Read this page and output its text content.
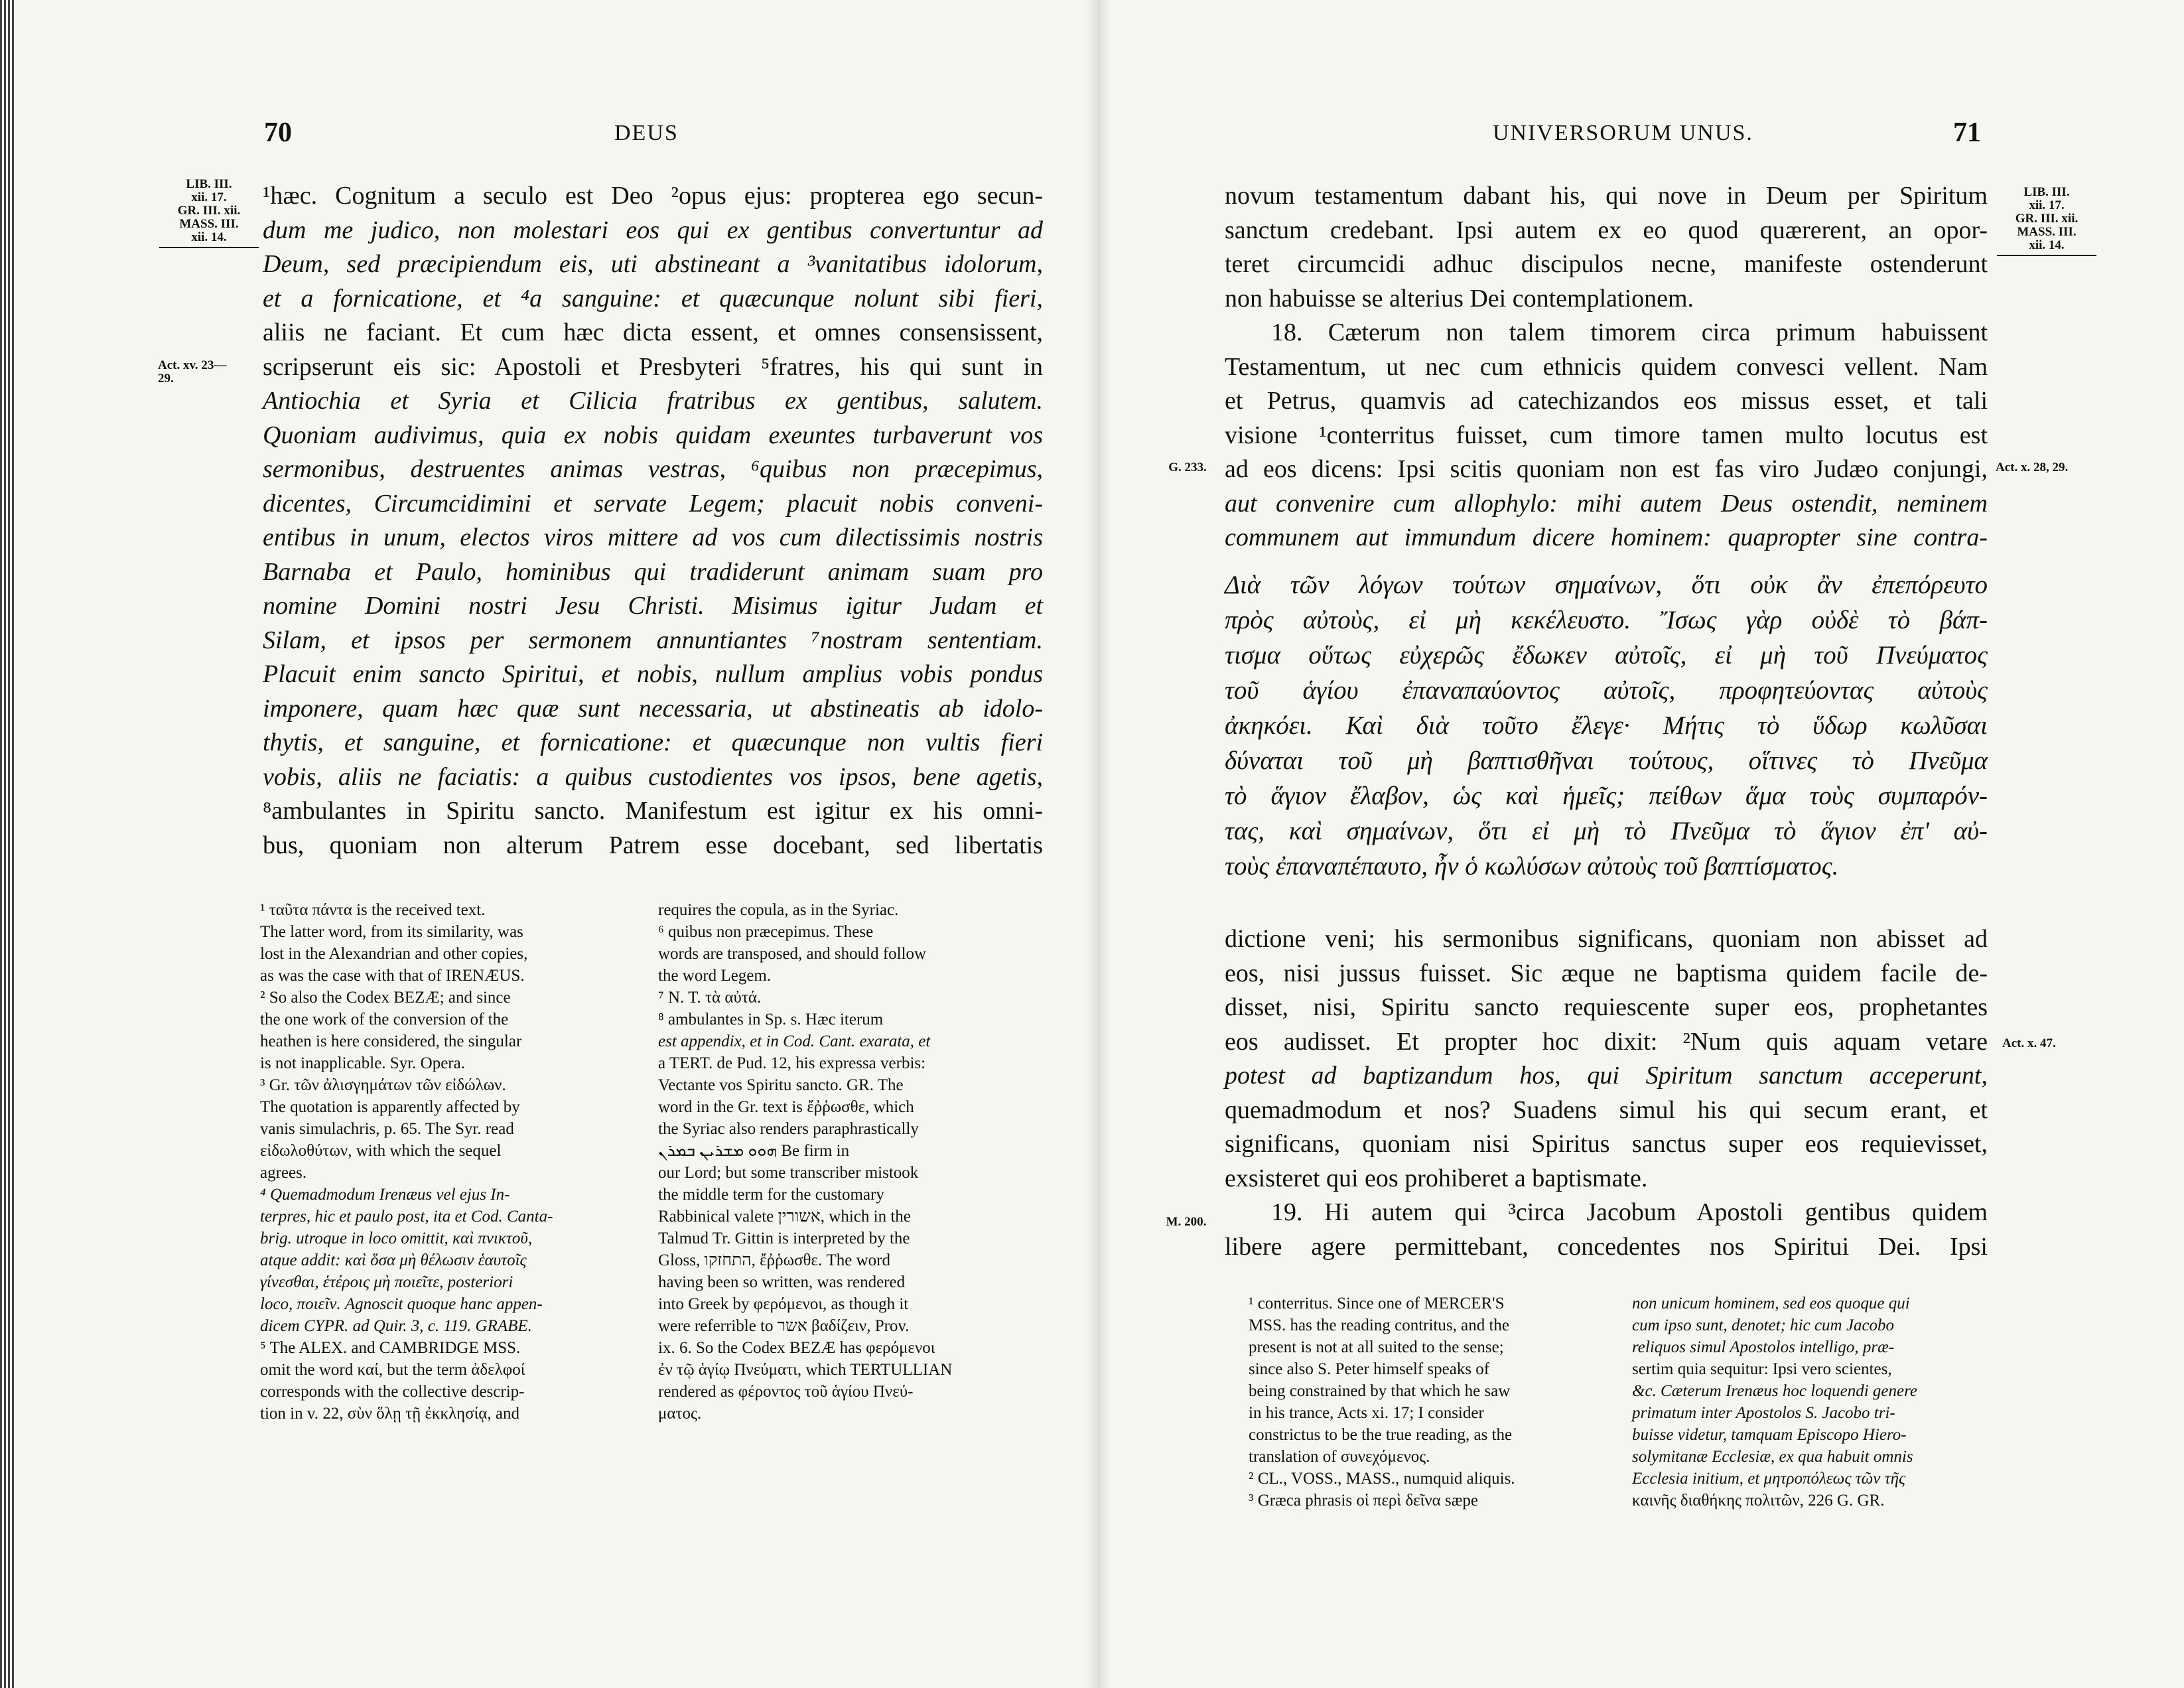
70	DEUS
LIB. III.
xii. 17.
GR. III. xii.
MASS. III.
xii. 14.
Act. xv. 23—
29.
¹hæc. Cognitum a seculo est Deo ²opus ejus: propterea ego secun-
dum me judico, non molestari eos qui ex gentibus convertuntur ad
Deum, sed præcipiendum eis, uti abstineant a ³vanitatibus idolorum,
et a fornicatione, et ⁴a sanguine: et quæcunque nolunt sibi fieri,
aliis ne faciant. Et cum hæc dicta essent, et omnes consensissent,
scripserunt eis sic: Apostoli et Presbyteri ⁵fratres, his qui sunt in
Antiochia et Syria et Cilicia fratribus ex gentibus, salutem.
Quoniam audivimus, quia ex nobis quidam exeuntes turbaverunt vos
sermonibus, destruentes animas vestras, ⁶quibus non præcepimus,
dicentes, Circumcidimini et servate Legem; placuit nobis conveni-
entibus in unum, electos viros mittere ad vos cum dilectissimis nostris
Barnaba et Paulo, hominibus qui tradiderunt animam suam pro
nomine Domini nostri Jesu Christi. Misimus igitur Judam et
Silam, et ipsos per sermonem annuntiantes ⁷nostram sententiam.
Placuit enim sancto Spiritui, et nobis, nullum amplius vobis pondus
imponere, quam hæc quæ sunt necessaria, ut abstineatis ab idolo-
thytis, et sanguine, et fornicatione: et quæcunque non vultis fieri
vobis, aliis ne faciatis: a quibus custodientes vos ipsos, bene agetis,
⁸ambulantes in Spiritu sancto. Manifestum est igitur ex his omni-
bus, quoniam non alterum Patrem esse docebant, sed libertatis
¹ ταῦτα πάντα is the received text.
The latter word, from its similarity, was
lost in the Alexandrian and other copies,
as was the case with that of IRENÆUS.
² So also the Codex BEZÆ; and since
the one work of the conversion of the
heathen is here considered, the singular
is not inapplicable. Syr. Opera.
³ Gr. τῶν ἀλισγημάτων τῶν εἰδώλων.
The quotation is apparently affected by
vanis simulachris, p. 65. The Syr. read
εἰδωλοθύτων, with which the sequel
agrees.
⁴ Quemadmodum Irenæus vel ejus In-
terpres, hic et paulo post, ita et Cod. Canta-
brig. utroque in loco omittit, καὶ πνικτοῦ,
atque addit: καὶ ὅσα μὴ θέλωσιν ἑαυτοῖς
γίνεσθαι, ἑτέροις μὴ ποιεῖτε, posteriori
loco, ποιεῖν. Agnoscit quoque hanc appen-
dicem CYPR. ad Quir. 3, c. 119. GRABE.
⁵ The ALEX. and CAMBRIDGE MSS.
omit the word καί, but the term ἀδελφοί
corresponds with the collective descrip-
tion in v. 22, σὺν ὅλῃ τῇ ἐκκλησίᾳ, and
requires the copula, as in the Syriac.
⁶ quibus non præcepimus. These
words are transposed, and should follow
the word Legem.
⁷ N. T. τὰ αὐτά.
⁸ ambulantes in Sp. s. Hæc iterum
est appendix, et in Cod. Cant. exarata, et
a TERT. de Pud. 12, his expressa verbis:
Vectante vos Spiritu sancto. GR. The
word in the Gr. text is ἔῤῥωσθε, which
the Syriac also renders paraphrastically
ܗܘܘ ܡܫܪܝܢ ܒܡܪܢ Be firm in
our Lord; but some transcriber mistook
the middle term for the customary
Rabbinical valete אשורין, which in the
Talmud Tr. Gittin is interpreted by the
Gloss, התחזקו, ἔῤῥωσθε. The word
having been so written, was rendered
into Greek by φερόμενοι, as though it
were referrible to אשר βαδίζειν, Prov.
ix. 6. So the Codex BEZÆ has φερόμενοι
ἐν τῷ ἁγίῳ Πνεύματι, which TERTULLIAN
rendered as φέροντος τοῦ ἁγίου Πνεύ-
ματος.
UNIVERSORUM UNUS.	71
LIB. III.
xii. 17.
GR. III. xii.
MASS. III.
xii. 14.
G. 233.	Act. x. 28, 29.
Act. x. 47.
M. 200.
novum testamentum dabant his, qui nove in Deum per Spiritum
sanctum credebant. Ipsi autem ex eo quod quærerent, an opor-
teret circumcidi adhuc discipulos necne, manifeste ostenderunt
non habuisse se alterius Dei contemplationem.
18. Cæterum non talem timorem circa primum habuissent
Testamentum, ut nec cum ethnicis quidem convesci vellent. Nam
et Petrus, quamvis ad catechizandos eos missus esset, et tali
visione ¹conterritus fuisset, cum timore tamen multo locutus est
ad eos dicens: Ipsi scitis quoniam non est fas viro Judæo conjungi,
aut convenire cum allophylo: mihi autem Deus ostendit, neminem
communem aut immundum dicere hominem: quapropter sine contra-
Διὰ τῶν λόγων τούτων σημαίνων, ὅτι οὐκ ἂν ἐπεπόρευτο
πρὸς αὐτοὺς, εἰ μὴ κεκέλευστο. Ἴσως γὰρ οὐδὲ τὸ βάπ-
τισμα οὕτως εὐχερῶς ἔδωκεν αὐτοῖς, εἰ μὴ τοῦ Πνεύματος
τοῦ ἁγίου ἐπαναπαύοντος αὐτοῖς, προφητεύοντας αὐτοὺς
ἀκηκόει. Καὶ διὰ τοῦτο ἔλεγε· Μήτις τὸ ὕδωρ κωλῦσαι
δύναται τοῦ μὴ βαπτισθῆναι τούτους, οἵτινες τὸ Πνεῦμα
τὸ ἅγιον ἔλαβον, ὡς καὶ ἡμεῖς; πείθων ἅμα τοὺς συμπαρόν-
τας, καὶ σημαίνων, ὅτι εἰ μὴ τὸ Πνεῦμα τὸ ἅγιον ἐπ' αὐ-
τοὺς ἐπαναπέπαυτο, ἦν ὁ κωλύσων αὐτοὺς τοῦ βαπτίσματος.
dictione veni; his sermonibus significans, quoniam non abisset ad
eos, nisi jussus fuisset. Sic æque ne baptisma quidem facile de-
disset, nisi, Spiritu sancto requiescente super eos, prophetantes
eos audisset. Et propter hoc dixit: ²Num quis aquam vetare
potest ad baptizandum hos, qui Spiritum sanctum acceperunt,
quemadmodum et nos? Suadens simul his qui secum erant, et
significans, quoniam nisi Spiritus sanctus super eos requievisset,
exsisteret qui eos prohiberet a baptismate.
19. Hi autem qui ³circa Jacobum Apostoli gentibus quidem
libere agere permittebant, concedentes nos Spiritui Dei. Ipsi
¹ conterritus. Since one of MERCER'S
MSS. has the reading contritus, and the
present is not at all suited to the sense;
since also S. Peter himself speaks of
being constrained by that which he saw
in his trance, Acts xi. 17; I consider
constrictus to be the true reading, as the
translation of συνεχόμενος.
² CL., VOSS., MASS., numquid aliquis.
³ Græca phrasis οἱ περὶ δεῖνα sæpe
non unicum hominem, sed eos quoque qui
cum ipso sunt, denotet; hic cum Jacobo
reliquos simul Apostolos intelligo, præ-
sertim quia sequitur: Ipsi vero scientes,
&c. Cæterum Irenæus hoc loquendi genere
primatum inter Apostolos S. Jacobo tri-
buisse videtur, tamquam Episcopo Hiero-
solymitanæ Ecclesiæ, ex qua habuit omnis
Ecclesia initium, et μητροπόλεως τῶν τῆς
καινῆς διαθήκης πολιτῶν, 226 G. GR.
